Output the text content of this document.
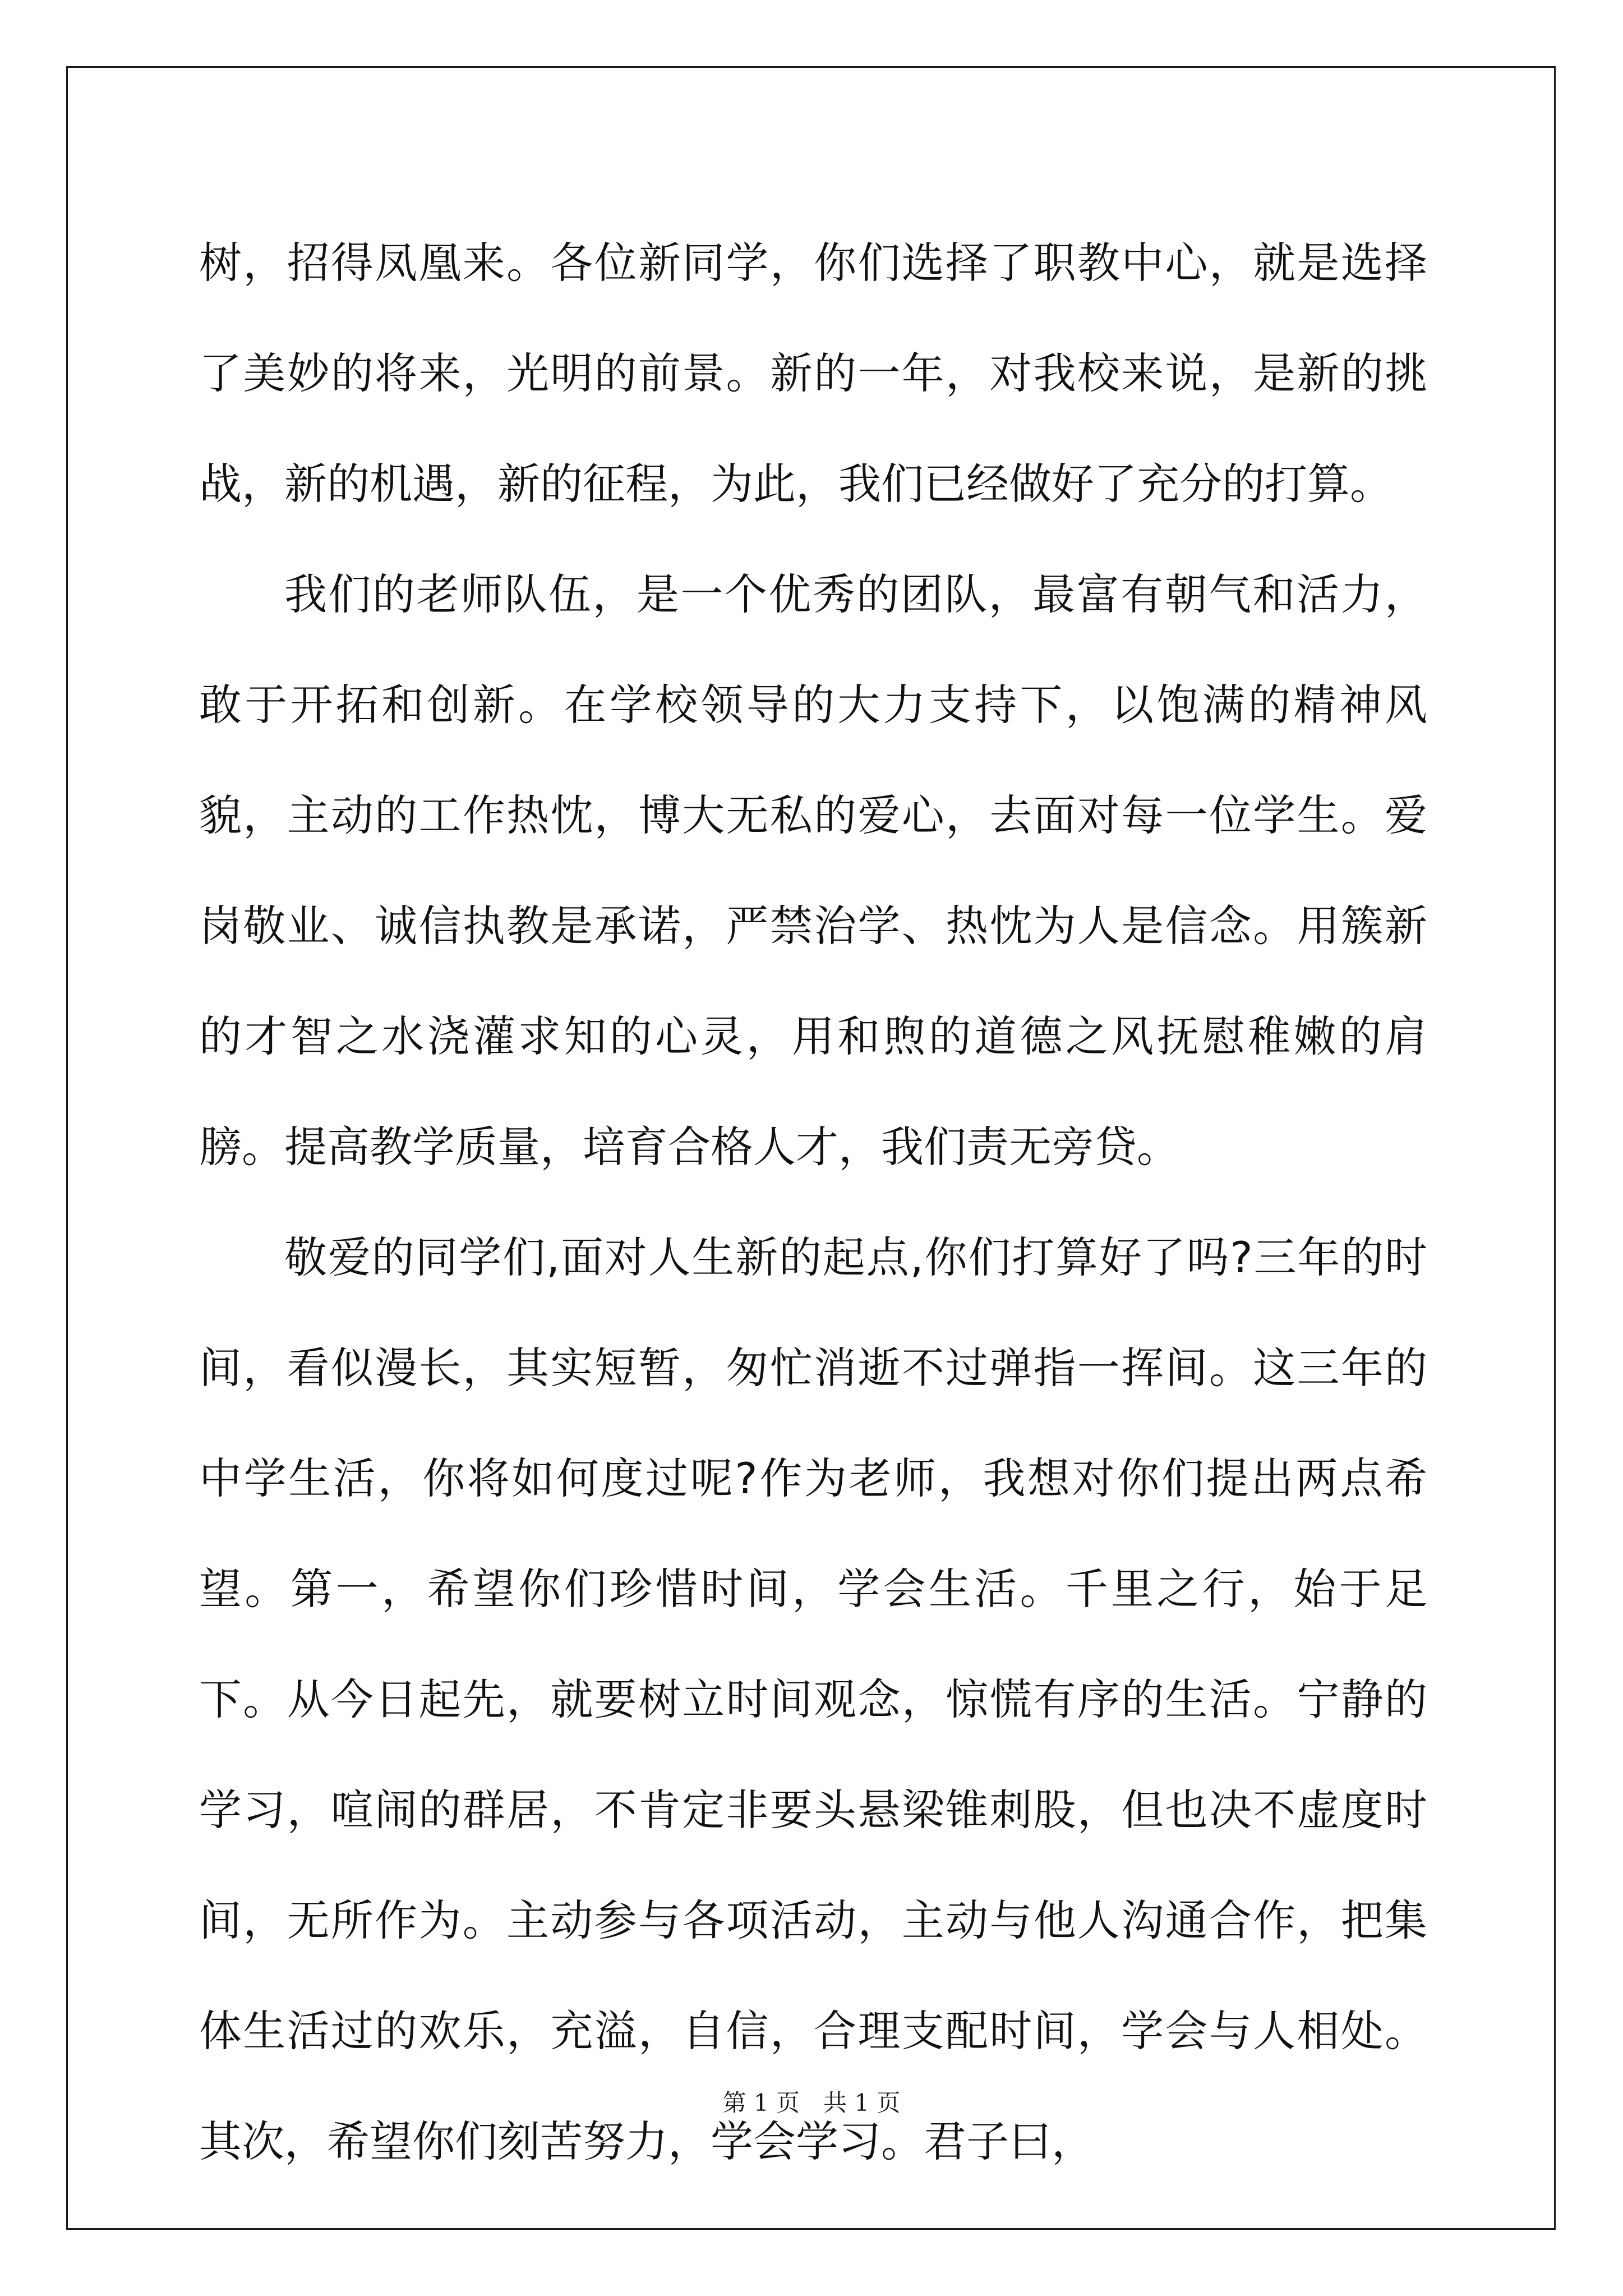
树，招得凤凰来。各位新同学，你们选择了职教中心，就是选择了美妙的将来，光明的前景。新的一年，对我校来说，是新的挑战，新的机遇，新的征程，为此，我们已经做好了充分的打算。

我们的老师队伍，是一个优秀的团队，最富有朝气和活力，敢于开拓和创新。在学校领导的大力支持下，以饱满的精神风貌，主动的工作热忱，博大无私的爱心，去面对每一位学生。爱岗敬业、诚信执教是承诺，严禁治学、热忱为人是信念。用簇新的才智之水浇灌求知的心灵，用和煦的道德之风抚慰稚嫩的肩膀。提高教学质量，培育合格人才，我们责无旁贷。

敬爱的同学们,面对人生新的起点,你们打算好了吗?三年的时间，看似漫长，其实短暂，匆忙消逝不过弹指一挥间。这三年的中学生活，你将如何度过呢?作为老师，我想对你们提出两点希望。第一，希望你们珍惜时间，学会生活。千里之行，始于足下。从今日起先，就要树立时间观念，惊慌有序的生活。宁静的学习，喧闹的群居，不肯定非要头悬梁锥刺股，但也决不虚度时间，无所作为。主动参与各项活动，主动与他人沟通合作，把集体生活过的欢乐，充溢，自信，合理支配时间，学会与人相处。其次，希望你们刻苦努力，学会学习。君子曰，

第 1 页 共 1 页
